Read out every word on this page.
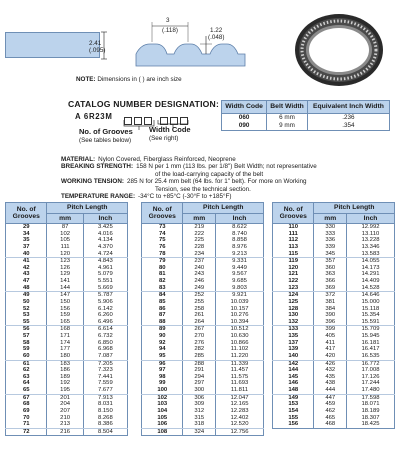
2.41
(.095)
3
(.118)	1.22
(.048)
NOTE: Dimensions in ( ) are inch size
CATALOG NUMBER DESIGNATION:
A 6R23M
No. of Grooves
(See tables below)
Width Code
(See right)
Width Code	Belt Width	Equivalent Inch Width
060	6 mm	.236
090	9 mm	.354
MATERIAL: Nylon Covered, Fiberglass Reinforced, Neoprene
BREAKING STRENGTH: 158 N per 1 mm (113 lbs. per 1/8") Belt Width; not representative
of the load-carrying capacity of the belt
WORKING TENSION: 285 N for 25.4 mm belt (64 lbs. for 1" belt). For more on Working
Tension, see the technical section.
TEMPERATURE RANGE: -34°C to +85°C (-30°F to +185°F)
No. of Grooves	Pitch Length	
	mm	Inch
29	87	3.425
34	102	4.016
35	105	4.134
37	111	4.370
40	120	4.724
41	123	4.843
42	126	4.961
43	129	5.079
47	141	5.551
48	144	5.669
49	147	5.787
50	150	5.906
52	156	6.142
53	159	6.260
55	165	6.496
56	168	6.614
57	171	6.732
58	174	6.850
59	177	6.968
60	180	7.087
61	183	7.205
62	186	7.323
63	189	7.441
64	192	7.559
65	195	7.677
67	201	7.913
68	204	8.031
69	207	8.150
70	210	8.268
71	213	8.386
72	216	8.504
No. of Grooves	Pitch Length	
	mm	Inch
73	219	8.622
74	222	8.740
75	225	8.858
76	228	8.976
78	234	9.213
79	237	9.331
80	240	9.449
81	243	9.567
82	246	9.685
83	249	9.803
84	252	9.921
85	255	10.039
86	258	10.157
87	261	10.276
88	264	10.394
89	267	10.512
90	270	10.630
92	276	10.866
94	282	11.102
95	285	11.220
96	288	11.339
97	291	11.457
98	294	11.575
99	297	11.693
100	300	11.811
102	306	12.047
103	309	12.165
104	312	12.283
105	315	12.402
106	318	12.520
108	324	12.756
No. of Grooves	Pitch Length	
	mm	Inch
110	330	12.992
111	333	13.110
112	336	13.228
113	339	13.346
115	345	13.583
119	357	14.055
120	360	14.173
121	363	14.291
122	366	14.409
123	369	14.528
124	372	14.646
125	381	15.000
128	384	15.118
130	390	15.354
132	396	15.591
133	399	15.709
135	405	15.945
137	411	16.181
139	417	16.417
140	420	16.535
142	426	16.772
144	432	17.008
145	435	17.126
146	438	17.244
148	444	17.480
149	447	17.598
153	459	18.071
154	462	18.189
155	465	18.307
156	468	18.425
